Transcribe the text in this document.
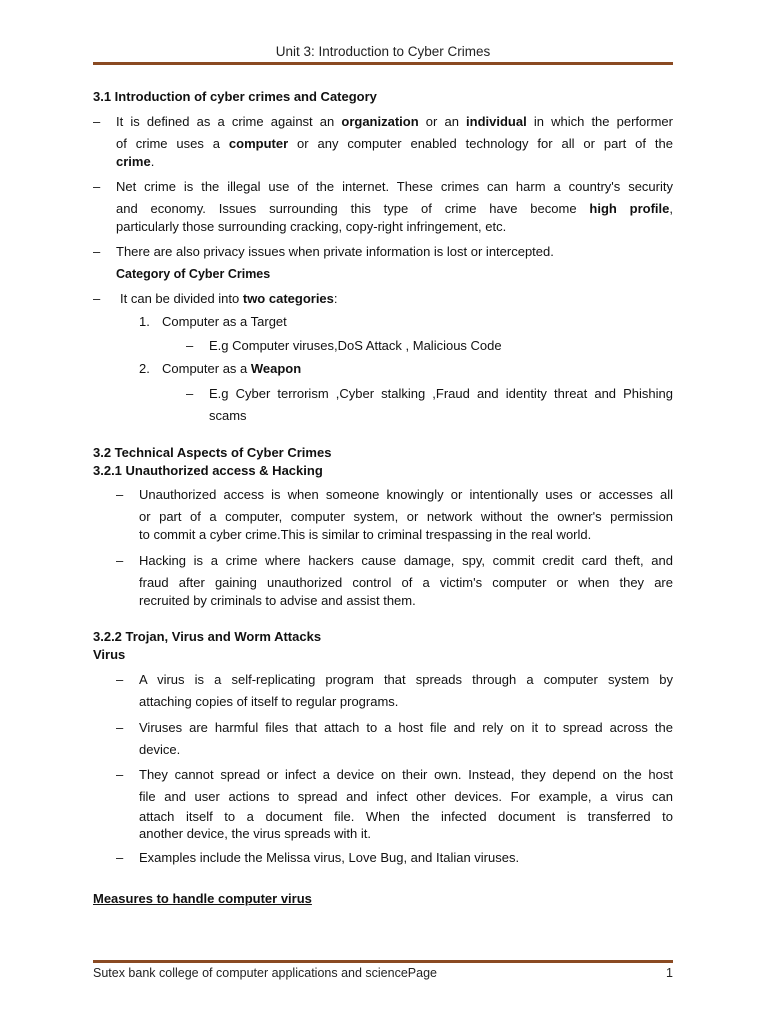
Unit 3: Introduction to Cyber Crimes
3.1 Introduction of cyber crimes and Category
– It is defined as a crime against an organization or an individual in which the performer
of crime uses a computer or any computer enabled technology for all or part of the
crime.
– Net crime is the illegal use of the internet. These crimes can harm a country's security
and economy. Issues surrounding this type of crime have become high profile,
particularly those surrounding cracking, copy-right infringement, etc.
– There are also privacy issues when private information is lost or intercepted.
Category of Cyber Crimes
– It can be divided into two categories:
1. Computer as a Target
– E.g Computer viruses,DoS Attack , Malicious Code
2. Computer as a Weapon
– E.g Cyber terrorism ,Cyber stalking ,Fraud and identity threat and Phishing
scams
3.2 Technical Aspects of Cyber Crimes
3.2.1 Unauthorized access & Hacking
– Unauthorized access is when someone knowingly or intentionally uses or accesses all
or part of a computer, computer system, or network without the owner's permission
to commit a cyber crime.This is similar to criminal trespassing in the real world.
– Hacking is a crime where hackers cause damage, spy, commit credit card theft, and
fraud after gaining unauthorized control of a victim's computer or when they are
recruited by criminals to advise and assist them.
3.2.2 Trojan, Virus and Worm Attacks
Virus
– A virus is a self-replicating program that spreads through a computer system by
attaching copies of itself to regular programs.
– Viruses are harmful files that attach to a host file and rely on it to spread across the
device.
– They cannot spread or infect a device on their own. Instead, they depend on the host
file and user actions to spread and infect other devices. For example, a virus can
attach itself to a document file. When the infected document is transferred to
another device, the virus spreads with it.
– Examples include the Melissa virus, Love Bug, and Italian viruses.
Measures to handle computer virus
Sutex bank college of computer applications and sciencePage	1
